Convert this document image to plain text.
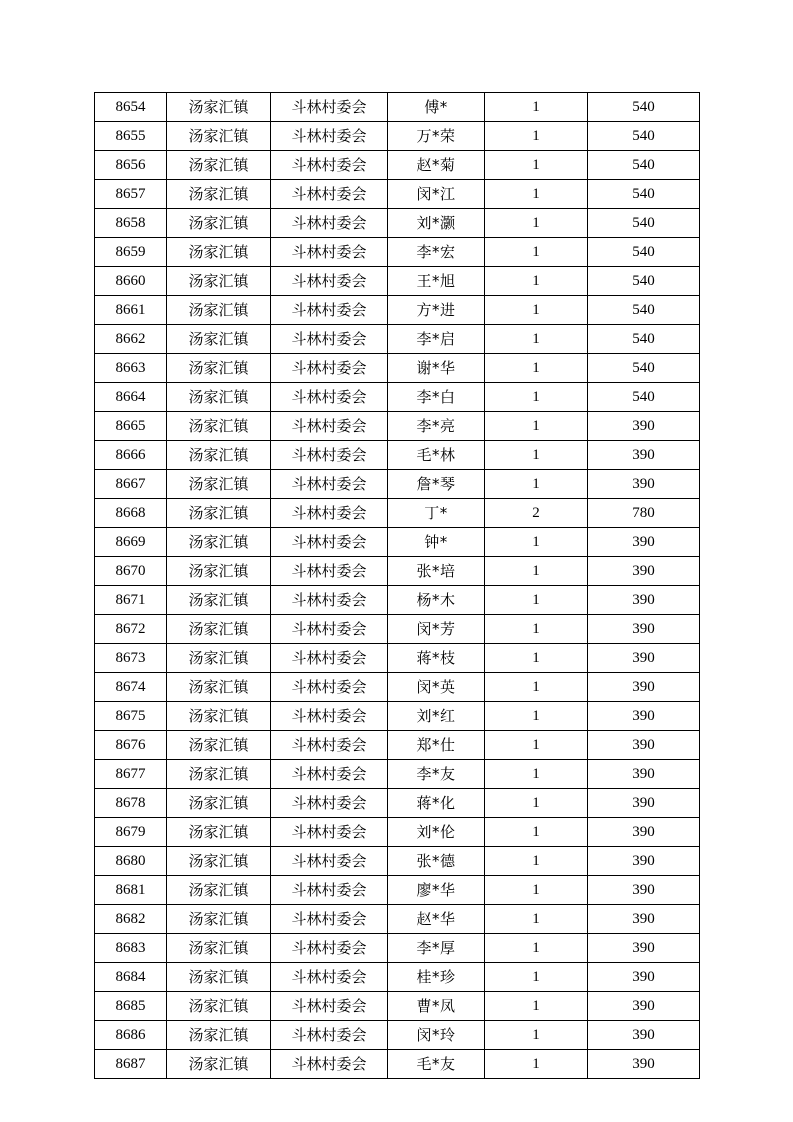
8654	汤家汇镇	斗林村委会	傅*	1	540
8655	汤家汇镇	斗林村委会	万*荣	1	540
8656	汤家汇镇	斗林村委会	赵*菊	1	540
8657	汤家汇镇	斗林村委会	闵*江	1	540
8658	汤家汇镇	斗林村委会	刘*灏	1	540
8659	汤家汇镇	斗林村委会	李*宏	1	540
8660	汤家汇镇	斗林村委会	王*旭	1	540
8661	汤家汇镇	斗林村委会	方*进	1	540
8662	汤家汇镇	斗林村委会	李*启	1	540
8663	汤家汇镇	斗林村委会	谢*华	1	540
8664	汤家汇镇	斗林村委会	李*白	1	540
8665	汤家汇镇	斗林村委会	李*亮	1	390
8666	汤家汇镇	斗林村委会	毛*林	1	390
8667	汤家汇镇	斗林村委会	詹*琴	1	390
8668	汤家汇镇	斗林村委会	丁*	2	780
8669	汤家汇镇	斗林村委会	钟*	1	390
8670	汤家汇镇	斗林村委会	张*培	1	390
8671	汤家汇镇	斗林村委会	杨*木	1	390
8672	汤家汇镇	斗林村委会	闵*芳	1	390
8673	汤家汇镇	斗林村委会	蒋*枝	1	390
8674	汤家汇镇	斗林村委会	闵*英	1	390
8675	汤家汇镇	斗林村委会	刘*红	1	390
8676	汤家汇镇	斗林村委会	郑*仕	1	390
8677	汤家汇镇	斗林村委会	李*友	1	390
8678	汤家汇镇	斗林村委会	蒋*化	1	390
8679	汤家汇镇	斗林村委会	刘*伦	1	390
8680	汤家汇镇	斗林村委会	张*德	1	390
8681	汤家汇镇	斗林村委会	廖*华	1	390
8682	汤家汇镇	斗林村委会	赵*华	1	390
8683	汤家汇镇	斗林村委会	李*厚	1	390
8684	汤家汇镇	斗林村委会	桂*珍	1	390
8685	汤家汇镇	斗林村委会	曹*凤	1	390
8686	汤家汇镇	斗林村委会	闵*玲	1	390
8687	汤家汇镇	斗林村委会	毛*友	1	390
